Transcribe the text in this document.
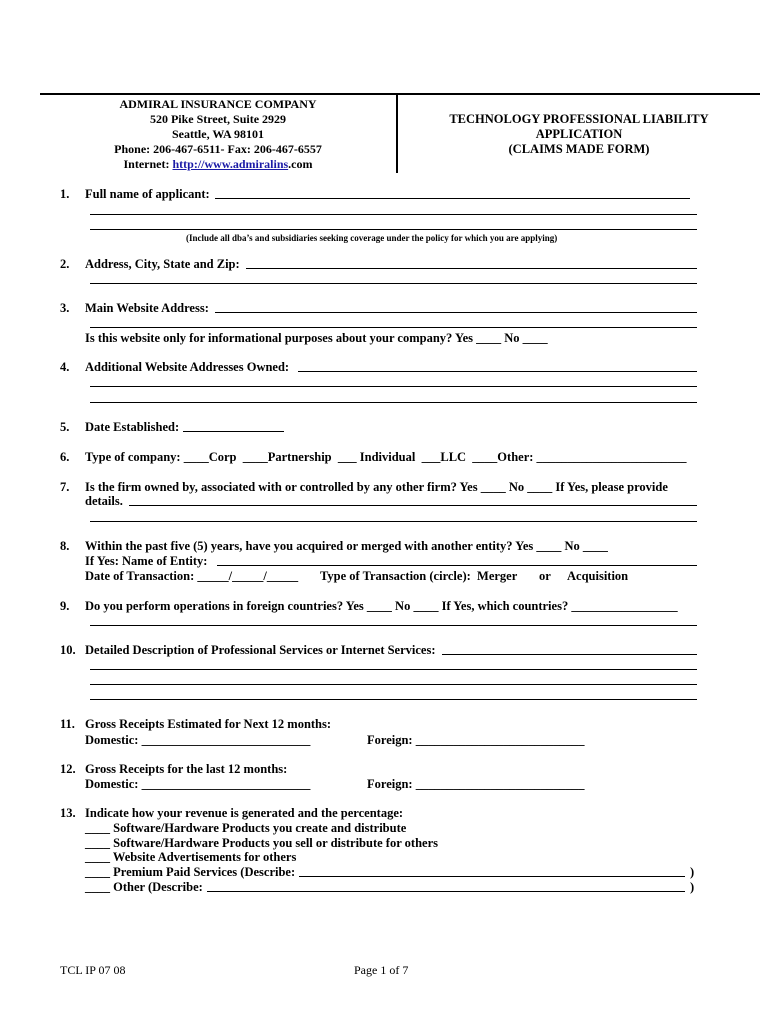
ADMIRAL INSURANCE COMPANY
520 Pike Street, Suite 2929
Seattle, WA 98101
Phone: 206-467-6511- Fax: 206-467-6557
Internet: http://www.admiralins.com
TECHNOLOGY PROFESSIONAL LIABILITY
APPLICATION
(CLAIMS MADE FORM)
1. Full name of applicant:
(Include all dba’s and subsidiaries seeking coverage under the policy for which you are applying)
2. Address, City, State and Zip:
3. Main Website Address:
Is this website only for informational purposes about your company? Yes ____ No ____
4. Additional Website Addresses Owned:
5. Date Established:
6. Type of company: ____Corp  ____Partnership  ___ Individual  ___LLC  ____Other: ________________________
7. Is the firm owned by, associated with or controlled by any other firm? Yes ____ No ____ If Yes, please provide
details.
8. Within the past five (5) years, have you acquired or merged with another entity? Yes ____ No ____
If Yes: Name of Entity:
Date of Transaction: _____/_____/_____ Type of Transaction (circle):  Merger or Acquisition
9. Do you perform operations in foreign countries? Yes ____ No ____ If Yes, which countries? _________________
10. Detailed Description of Professional Services or Internet Services:
11. Gross Receipts Estimated for Next 12 months:
Domestic: ___________________________	Foreign: ___________________________
12. Gross Receipts for the last 12 months:
Domestic: ___________________________	Foreign: ___________________________
13. Indicate how your revenue is generated and the percentage:
____ Software/Hardware Products you create and distribute
____ Software/Hardware Products you sell or distribute for others
____ Website Advertisements for others
____ Premium Paid Services (Describe:	)
____ Other (Describe:	)
TCL IP 07 08	Page 1 of 7
